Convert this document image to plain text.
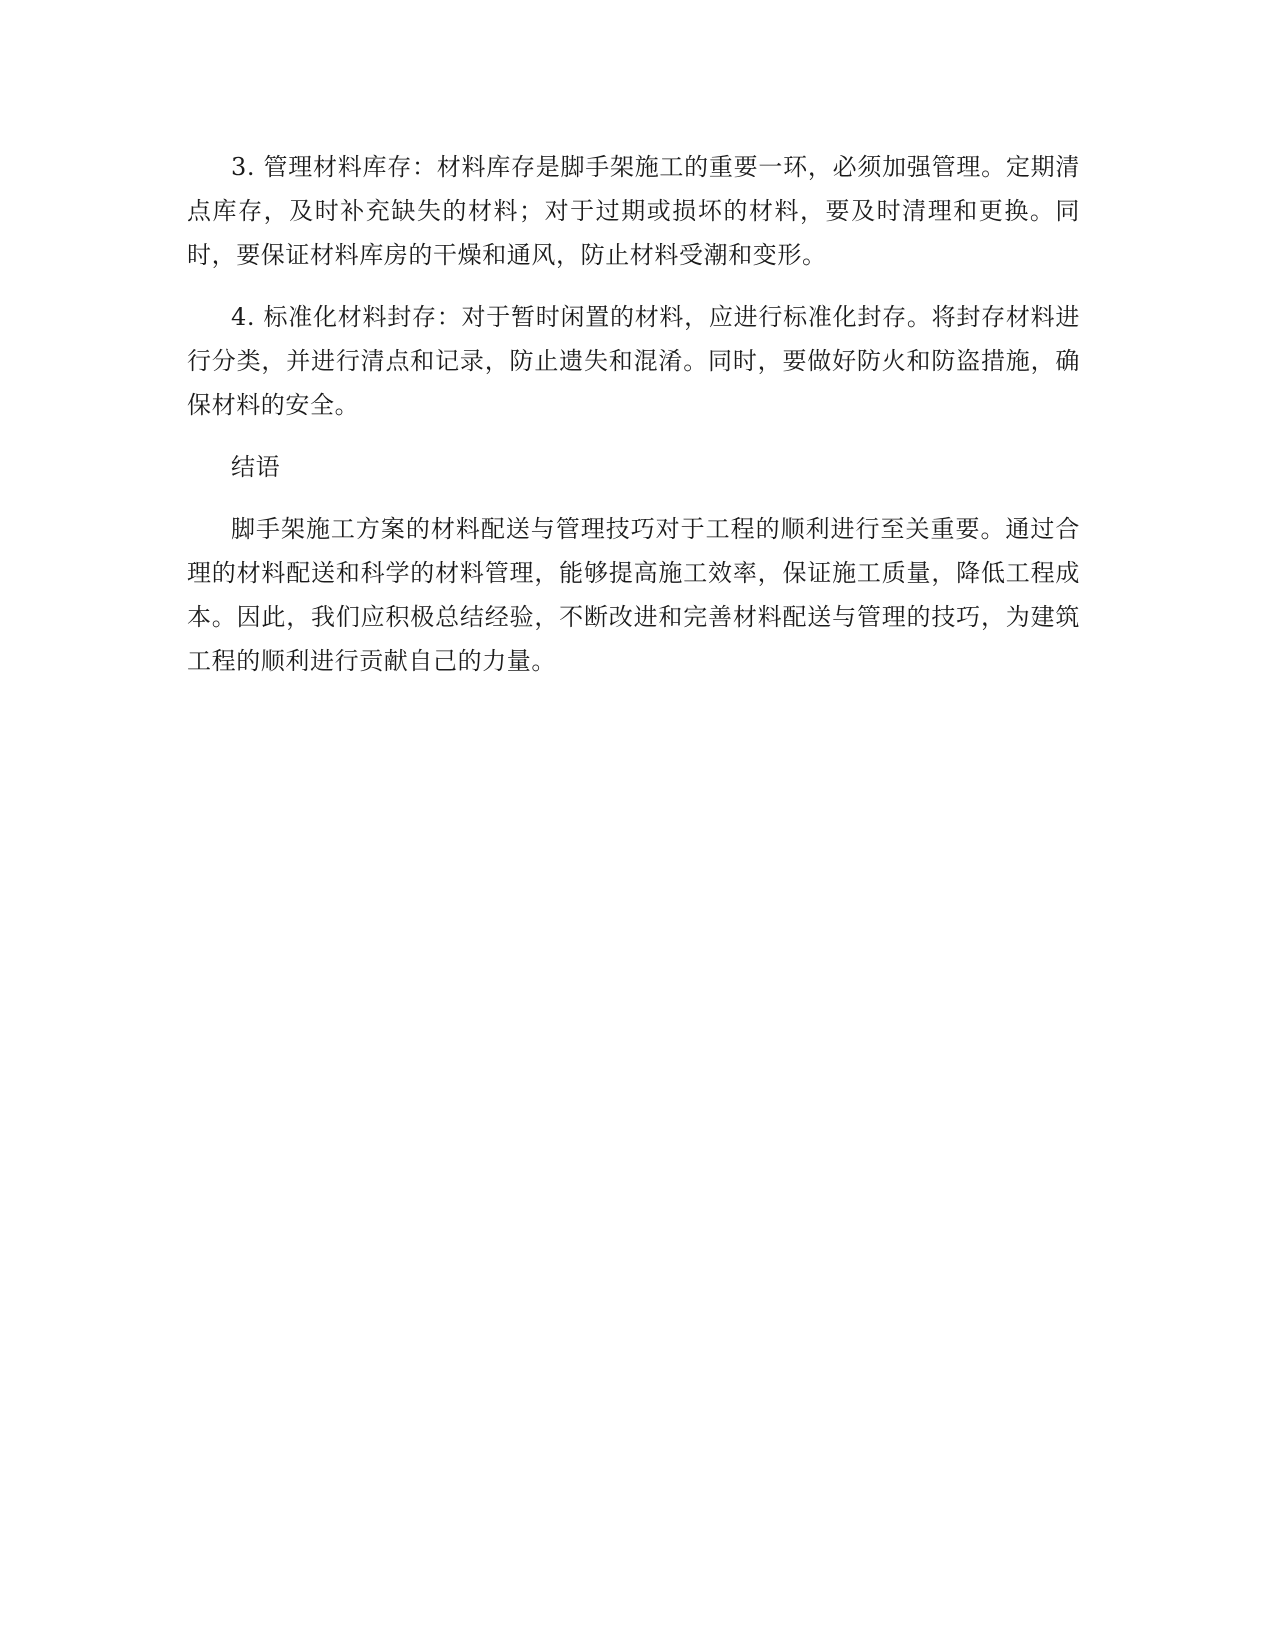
3. 管理材料库存：材料库存是脚手架施工的重要一环，必须加强管理。定期清点库存，及时补充缺失的材料；对于过期或损坏的材料，要及时清理和更换。同时，要保证材料库房的干燥和通风，防止材料受潮和变形。

4. 标准化材料封存：对于暂时闲置的材料，应进行标准化封存。将封存材料进行分类，并进行清点和记录，防止遗失和混淆。同时，要做好防火和防盗措施，确保材料的安全。

结语

脚手架施工方案的材料配送与管理技巧对于工程的顺利进行至关重要。通过合理的材料配送和科学的材料管理，能够提高施工效率，保证施工质量，降低工程成本。因此，我们应积极总结经验，不断改进和完善材料配送与管理的技巧，为建筑工程的顺利进行贡献自己的力量。
